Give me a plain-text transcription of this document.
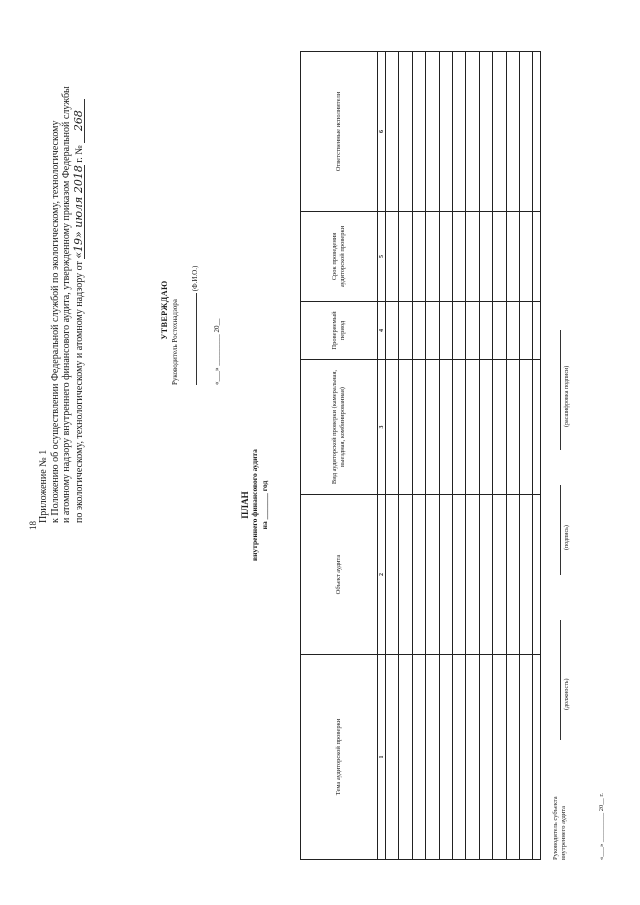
18
Приложение № 1 к Положению об осуществлении Федеральной службой по экологическому, технологическому и атомному надзору внутреннего финансового аудита, утвержденному приказом Федеральной службы по экологическому, технологическому и атомному надзору от «19» июля 2018 г. № 268
УТВЕРЖДАЮ Руководитель Ростехнадзора
(Ф.И.О.)
«___» _________ 20__
ПЛАН внутреннего финансового аудита на _______ год
Тема аудиторской проверки	Объект аудита	Вид аудиторской проверки (камеральная, выездная, комбинированная)	Проверяемый период	Срок проведения аудиторской проверки	Ответственные исполнители
1	2	3	4	5	6

Руководитель субъекта внутреннего аудита
(должность)
(подпись)
(расшифровка подписи)
«___» _________ 20__ г.
